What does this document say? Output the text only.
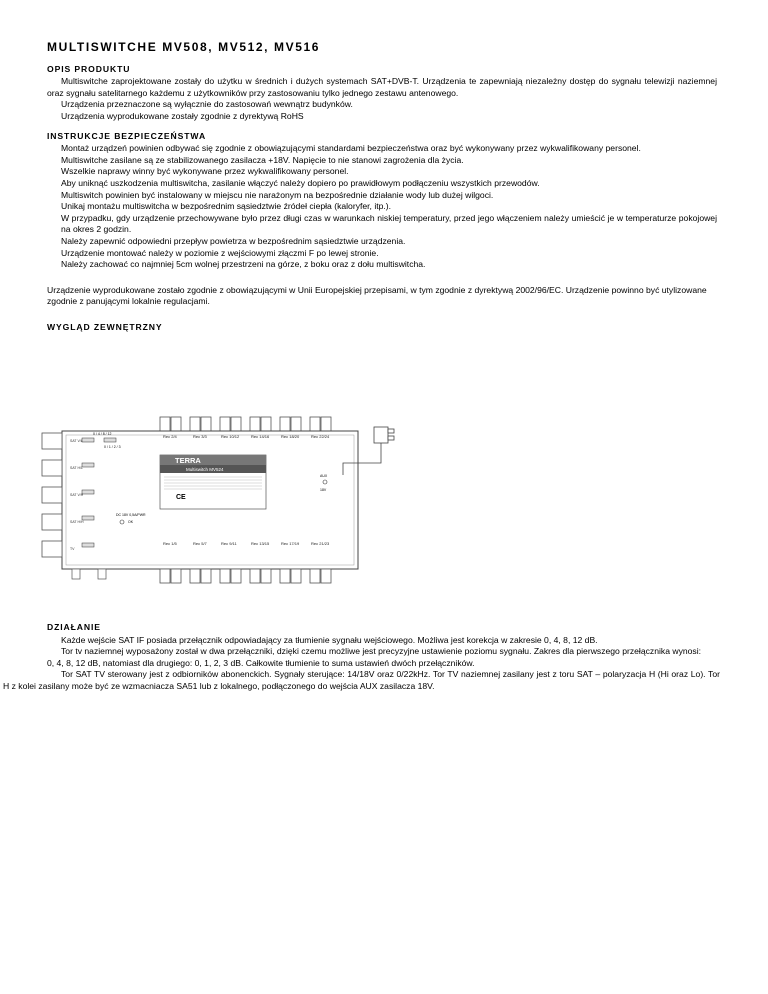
MULTISWITCHE MV508, MV512, MV516
OPIS PRODUKTU

Multiswitche zaprojektowane zostały do użytku w średnich i dużych systemach SAT+DVB-T. Urządzenia te zapewniają niezależny dostęp do sygnału telewizji naziemnej oraz sygnału satelitarnego każdemu z użytkowników przy zastosowaniu tylko jednego zestawu antenowego.

Urządzenia przeznaczone są wyłącznie do zastosowań wewnątrz budynków.

Urządzenia wyprodukowane zostały zgodnie z dyrektywą RoHS

INSTRUKCJE BEZPIECZEŃSTWA

Montaż urządzeń powinien odbywać się zgodnie z obowiązującymi standardami bezpieczeństwa oraz być wykonywany przez wykwalifikowany personel.

Multiswitche zasilane są ze stabilizowanego zasilacza +18V. Napięcie to nie stanowi zagrożenia dla życia.

Wszelkie naprawy winny być wykonywane przez wykwalifikowany personel.

Aby uniknąć uszkodzenia multiswitcha, zasilanie włączyć należy dopiero po prawidłowym podłączeniu wszystkich przewodów.

Multiswitch powinien być instalowany w miejscu nie narażonym na bezpośrednie działanie wody lub dużej wilgoci.

Unikaj montażu multiswitcha w bezpośrednim sąsiedztwie źródeł ciepła (kaloryfer, itp.).

W przypadku, gdy urządzenie przechowywane było przez długi czas w warunkach niskiej temperatury, przed jego włączeniem należy umieścić je w temperaturze pokojowej na okres 2 godzin.

Należy zapewnić odpowiedni przepływ powietrza w bezpośrednim sąsiedztwie urządzenia.

Urządzenie montować należy w poziomie z wejściowymi złączmi F po lewej stronie.

Należy zachować co najmniej 5cm wolnej przestrzeni na górze, z boku oraz z dołu multiswitcha.

Urządzenie wyprodukowane zostało zgodnie z obowiązującymi w Unii Europejskiej przepisami, w tym zgodnie z dyrektywą 2002/96/EC. Urządzenie powinno być utylizowane zgodnie z panującymi lokalnie regulacjami.

WYGLĄD ZEWNĘTRZNY
0 / 4 / 8 / 12
0 / 1 / 2 / 3
SAT V/L
SAT H/L
SAT V/H
SAT H/H
TV
Rec 2/4	Rec 3/3	Rec 10/12	Rec 14/16	Rec 18/20	Rec 22/24
TERRA
Multiswitch MV524
CE
DC 18V 0,5A/PWR
OK
AUX
18V
Rec 1/5	Rec 5/7	Rec 9/11	Rec 13/15	Rec 17/19	Rec 21/23
DZIAŁANIE

Każde wejście SAT IF posiada przełącznik odpowiadający za tłumienie sygnału wejściowego. Możliwa jest korekcja w zakresie 0, 4, 8, 12 dB.

Tor tv naziemnej wyposażony został w dwa przełączniki, dzięki czemu możliwe jest precyzyjne ustawienie poziomu sygnału. Zakres dla pierwszego przełącznika wynosi:

0, 4, 8, 12 dB, natomiast dla drugiego: 0, 1, 2, 3 dB. Całkowite tłumienie to suma ustawień dwóch przełączników.

Tor SAT TV sterowany jest z odbiorników abonenckich. Sygnały sterujące: 14/18V oraz 0/22kHz. Tor TV naziemnej zasilany jest z toru SAT – polaryzacja H (Hi oraz Lo). Tor H z kolei zasilany może być ze wzmacniacza SA51 lub z lokalnego, podłączonego do wejścia AUX zasilacza 18V.
